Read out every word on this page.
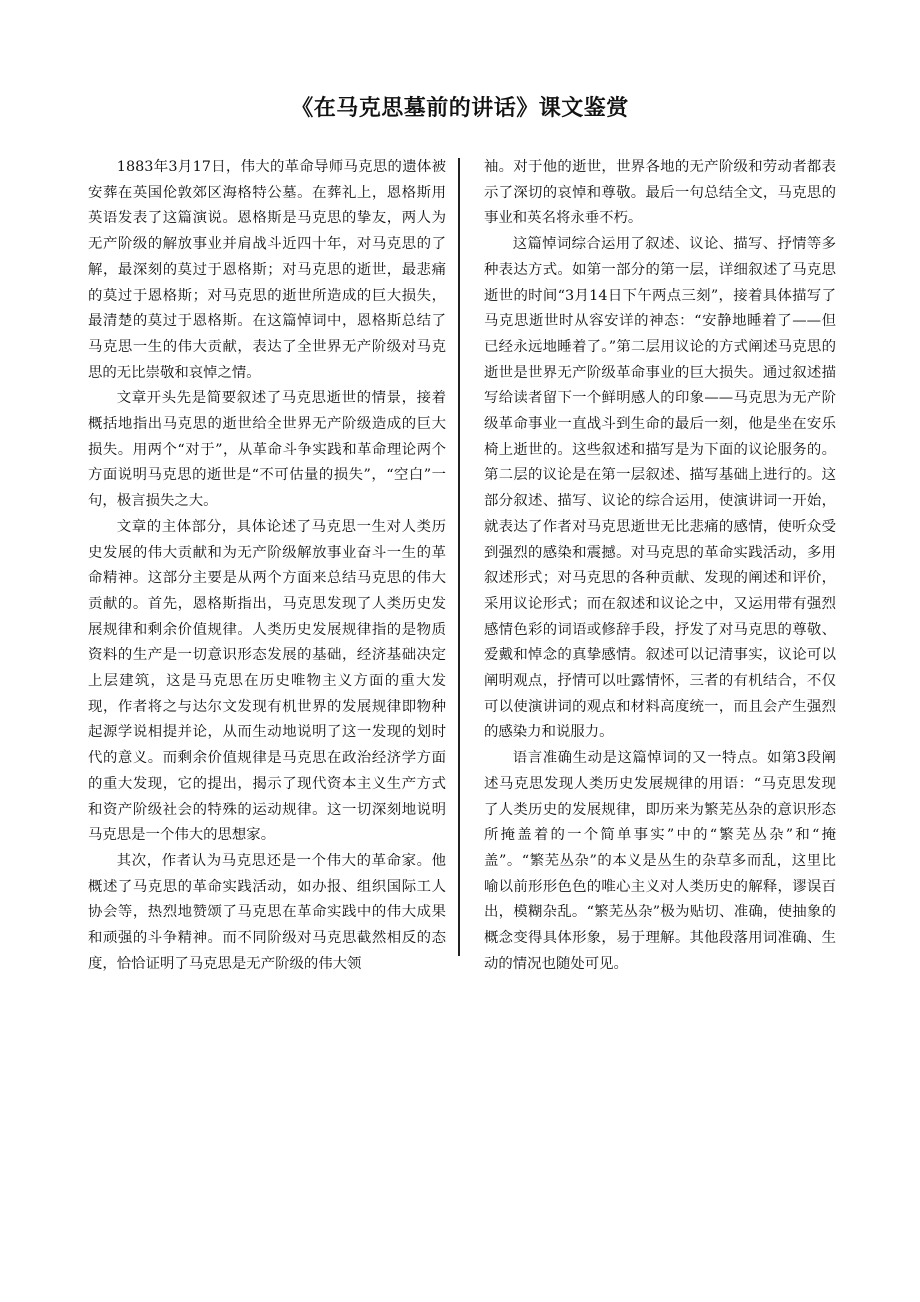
《在马克思墓前的讲话》课文鉴赏

1883年3月17日，伟大的革命导师马克思的遗体被安葬在英国伦敦郊区海格特公墓。在葬礼上，恩格斯用英语发表了这篇演说。恩格斯是马克思的挚友，两人为无产阶级的解放事业并肩战斗近四十年，对马克思的了解，最深刻的莫过于恩格斯；对马克思的逝世，最悲痛的莫过于恩格斯；对马克思的逝世所造成的巨大损失，最清楚的莫过于恩格斯。在这篇悼词中，恩格斯总结了马克思一生的伟大贡献，表达了全世界无产阶级对马克思的无比崇敬和哀悼之情。

文章开头先是简要叙述了马克思逝世的情景，接着概括地指出马克思的逝世给全世界无产阶级造成的巨大损失。用两个“对于”，从革命斗争实践和革命理论两个方面说明马克思的逝世是“不可估量的损失”，“空白”一句，极言损失之大。

文章的主体部分，具体论述了马克思一生对人类历史发展的伟大贡献和为无产阶级解放事业奋斗一生的革命精神。这部分主要是从两个方面来总结马克思的伟大贡献的。首先，恩格斯指出，马克思发现了人类历史发展规律和剩余价值规律。人类历史发展规律指的是物质资料的生产是一切意识形态发展的基础，经济基础决定上层建筑，这是马克思在历史唯物主义方面的重大发现，作者将之与达尔文发现有机世界的发展规律即物种起源学说相提并论，从而生动地说明了这一发现的划时代的意义。而剩余价值规律是马克思在政治经济学方面的重大发现，它的提出，揭示了现代资本主义生产方式和资产阶级社会的特殊的运动规律。这一切深刻地说明马克思是一个伟大的思想家。

其次，作者认为马克思还是一个伟大的革命家。他概述了马克思的革命实践活动，如办报、组织国际工人协会等，热烈地赞颂了马克思在革命实践中的伟大成果和顽强的斗争精神。而不同阶级对马克思截然相反的态度，恰恰证明了马克思是无产阶级的伟大领

袖。对于他的逝世，世界各地的无产阶级和劳动者都表示了深切的哀悼和尊敬。最后一句总结全文，马克思的事业和英名将永垂不朽。

这篇悼词综合运用了叙述、议论、描写、抒情等多种表达方式。如第一部分的第一层，详细叙述了马克思逝世的时间“3月14日下午两点三刻”，接着具体描写了马克思逝世时从容安详的神态：“安静地睡着了——但已经永远地睡着了。”第二层用议论的方式阐述马克思的逝世是世界无产阶级革命事业的巨大损失。通过叙述描写给读者留下一个鲜明感人的印象——马克思为无产阶级革命事业一直战斗到生命的最后一刻，他是坐在安乐椅上逝世的。这些叙述和描写是为下面的议论服务的。第二层的议论是在第一层叙述、描写基础上进行的。这部分叙述、描写、议论的综合运用，使演讲词一开始，就表达了作者对马克思逝世无比悲痛的感情，使听众受到强烈的感染和震撼。对马克思的革命实践活动，多用叙述形式；对马克思的各种贡献、发现的阐述和评价，采用议论形式；而在叙述和议论之中，又运用带有强烈感情色彩的词语或修辞手段，抒发了对马克思的尊敬、爱戴和悼念的真挚感情。叙述可以记清事实，议论可以阐明观点，抒情可以吐露情怀，三者的有机结合，不仅可以使演讲词的观点和材料高度统一，而且会产生强烈的感染力和说服力。

语言准确生动是这篇悼词的又一特点。如第3段阐述马克思发现人类历史发展规律的用语：“马克思发现了人类历史的发展规律，即历来为繁芜丛杂的意识形态所掩盖着的一个简单事实”中的“繁芜丛杂”和“掩盖”。“繁芜丛杂”的本义是丛生的杂草多而乱，这里比喻以前形形色色的唯心主义对人类历史的解释，谬误百出，模糊杂乱。“繁芜丛杂”极为贴切、准确，使抽象的概念变得具体形象，易于理解。其他段落用词准确、生动的情况也随处可见。
